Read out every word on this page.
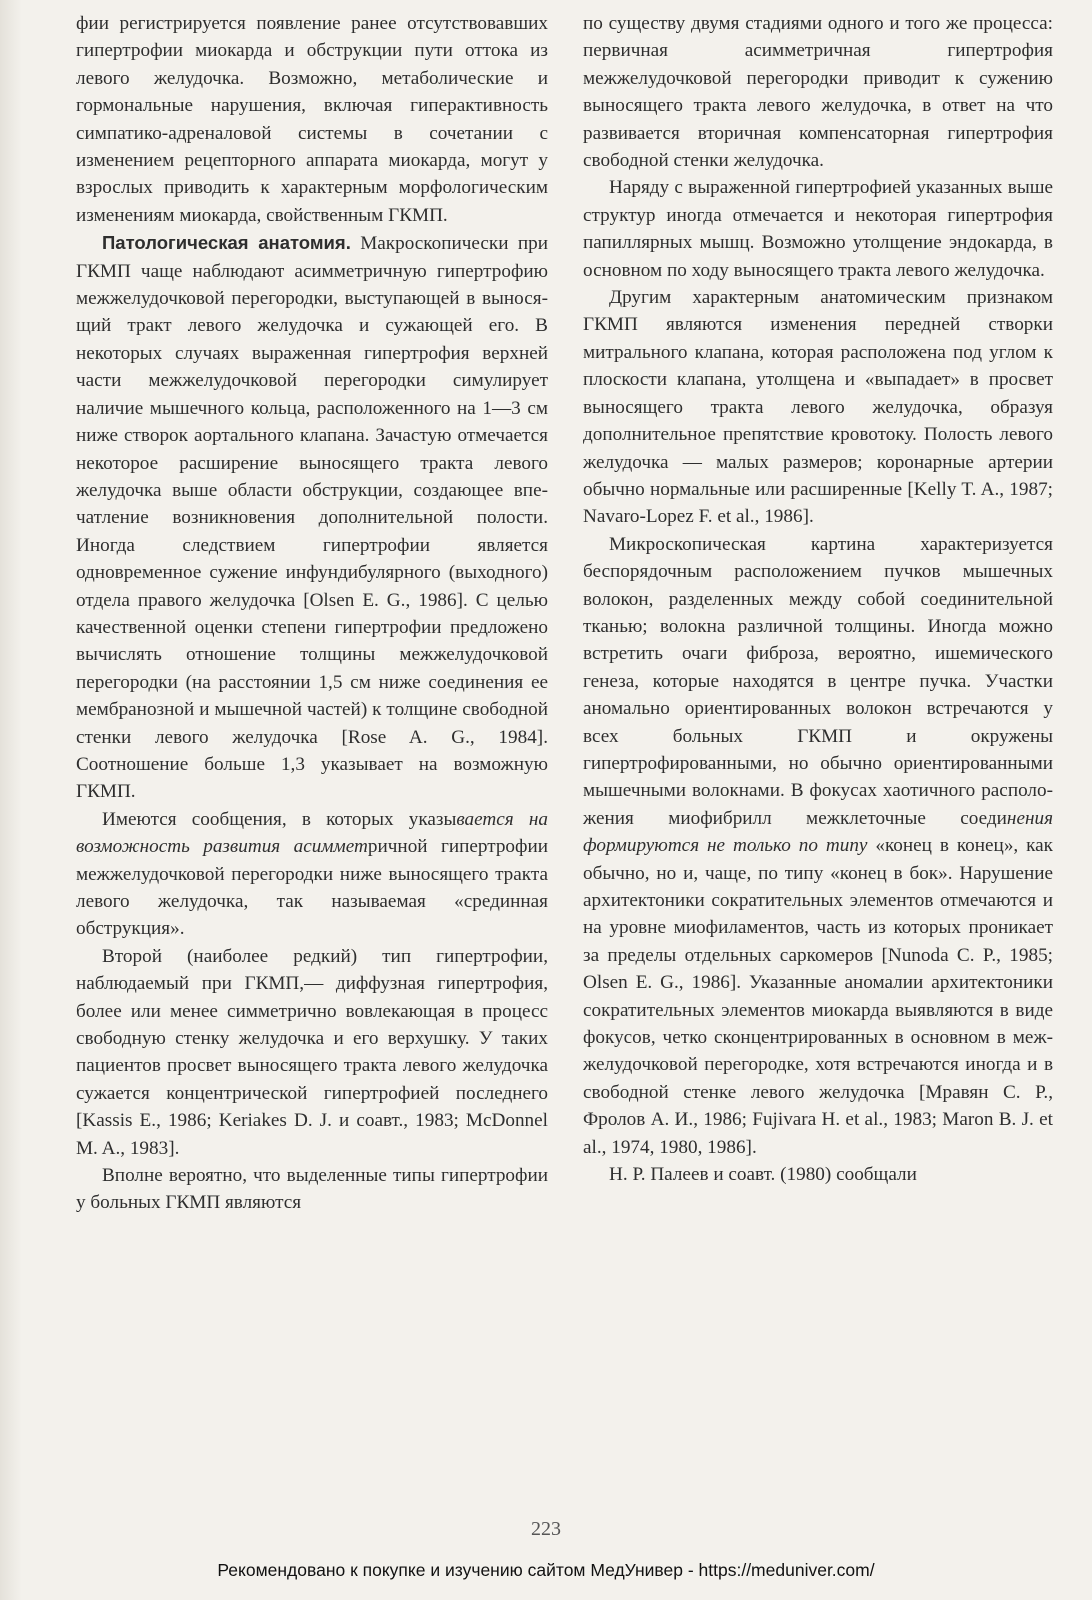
фии регистрируется появление ранее отсутствовавших гипертрофии миокарда и обструкции пути оттока из левого желудочка. Возможно, метаболические и гормональные нарушения, включая гиперактивность симпатико-адреналовой системы в сочетании с изменением рецепторного аппарата миокарда, могут у взрослых приводить к характерным морфологическим изменениям миокарда, свойственным ГКМП.

Патологическая анатомия. Макроскопически при ГКМП чаще наблюдают асимметричную гипертрофию межжелудочковой перегородки, выступающей в выносящий тракт левого желудочка и сужающей его. В некоторых случаях выраженная гипертрофия верхней части межжелудочковой перегородки симулирует наличие мышечного кольца, расположенного на 1—3 см ниже створок аортального клапана. Зачастую отмечается некоторое расширение выносящего тракта левого желудочка выше области обструкции, создающее впечатление возникновения дополнительной полости. Иногда следствием гипертрофии является одновременное сужение инфундибулярного (выходного) отдела правого желудочка [Olsen E. G., 1986]. С целью качественной оценки степени гипертрофии предложено вычислять отношение толщины межжелудочковой перегородки (на расстоянии 1,5 см ниже соединения ее мембранозной и мышечной частей) к толщине свободной стенки левого желудочка [Rose A. G., 1984]. Соотношение больше 1,3 указывает на возможную ГКМП.

Имеются сообщения, в которых указывается на возможность развития асимметричной гипертрофии межжелудочковой перегородки ниже выносящего тракта левого желудочка, так называемая «срединная обструкция».

Второй (наиболее редкий) тип гипертрофии, наблюдаемый при ГКМП,— диффузная гипертрофия, более или менее симметрично вовлекающая в процесс свободную стенку желудочка и его верхушку. У таких пациентов просвет выносящего тракта левого желудочка сужается концентрической гипертрофией последнего [Kassis E., 1986; Keriakes D. J. и соавт., 1983; McDonnel M. A., 1983].

Вполне вероятно, что выделенные типы гипертрофии у больных ГКМП являются

по существу двумя стадиями одного и того же процесса: первичная асимметричная гипертрофия межжелудочковой перегородки приводит к сужению выносящего тракта левого желудочка, в ответ на что развивается вторичная компенсаторная гипертрофия свободной стенки желудочка.

Наряду с выраженной гипертрофией указанных выше структур иногда отмечается и некоторая гипертрофия папиллярных мышц. Возможно утолщение эндокарда, в основном по ходу выносящего тракта левого желудочка.

Другим характерным анатомическим признаком ГКМП являются изменения передней створки митрального клапана, которая расположена под углом к плоскости клапана, утолщена и «выпадает» в просвет выносящего тракта левого желудочка, образуя дополнительное препятствие кровотоку. Полость левого желудочка — малых размеров; коронарные артерии обычно нормальные или расширенные [Kelly T. A., 1987; Navaro-Lopez F. et al., 1986].

Микроскопическая картина характеризуется беспорядочным расположением пучков мышечных волокон, разделенных между собой соединительной тканью; волокна различной толщины. Иногда можно встретить очаги фиброза, вероятно, ишемического генеза, которые находятся в центре пучка. Участки аномально ориентированных волокон встречаются у всех больных ГКМП и окружены гипертрофированными, но обычно ориентированными мышечными волокнами. В фокусах хаотичного расположения миофибрилл межклеточные соединения формируются не только по типу «конец в конец», как обычно, но и, чаще, по типу «конец в бок». Нарушение архитектоники сократительных элементов отмечаются и на уровне миофиламентов, часть из которых проникает за пределы отдельных саркомеров [Nunoda C. P., 1985; Olsen E. G., 1986]. Указанные аномалии архитектоники сократительных элементов миокарда выявляются в виде фокусов, четко сконцентрированных в основном в межжелудочковой перегородке, хотя встречаются иногда и в свободной стенке левого желудочка [Мравян С. Р., Фролов А. И., 1986; Fujivara H. et al., 1983; Maron B. J. et al., 1974, 1980, 1986].

Н. Р. Палеев и соавт. (1980) сообщали

223
Рекомендовано к покупке и изучению сайтом МедУнивер - https://meduniver.com/
